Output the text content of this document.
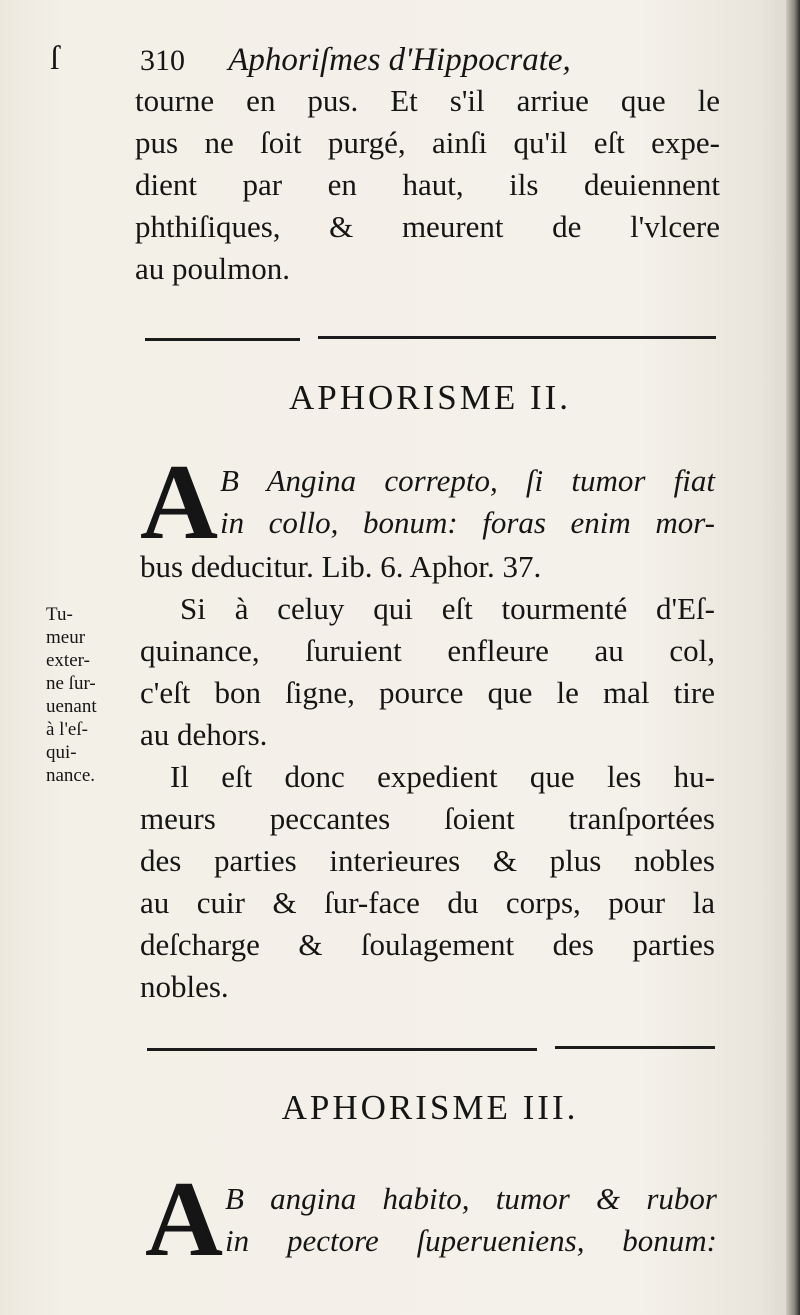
ſ	310 Aphoriſmes d'Hippocrate,
tourne en pus. Et s'il arriue que le
pus ne ſoit purgé, ainſi qu'il eſt expe-
dient par en haut, ils deuiennent
phthiſiques, & meurent de l'vlcere
au poulmon.
APHORISME II.
A B Angina correpto, ſi tumor fiat
in collo, bonum: foras enim mor-
bus deducitur. Lib. 6. Aphor. 37.
Tu-
meur
exter-
ne ſur-
uenant
à l'eſ-
qui-
nance.
Si à celuy qui eſt tourmenté d'Eſ-
quinance, ſuruient enfleure au col,
c'eſt bon ſigne, pource que le mal tire
au dehors.
Il eſt donc expedient que les hu-
meurs peccantes ſoient tranſportées
des parties interieures & plus nobles
au cuir & ſur-face du corps, pour la
deſcharge & ſoulagement des parties
nobles.
APHORISME III.
A B angina habito, tumor & rubor
in pectore ſuperueniens, bonum:
